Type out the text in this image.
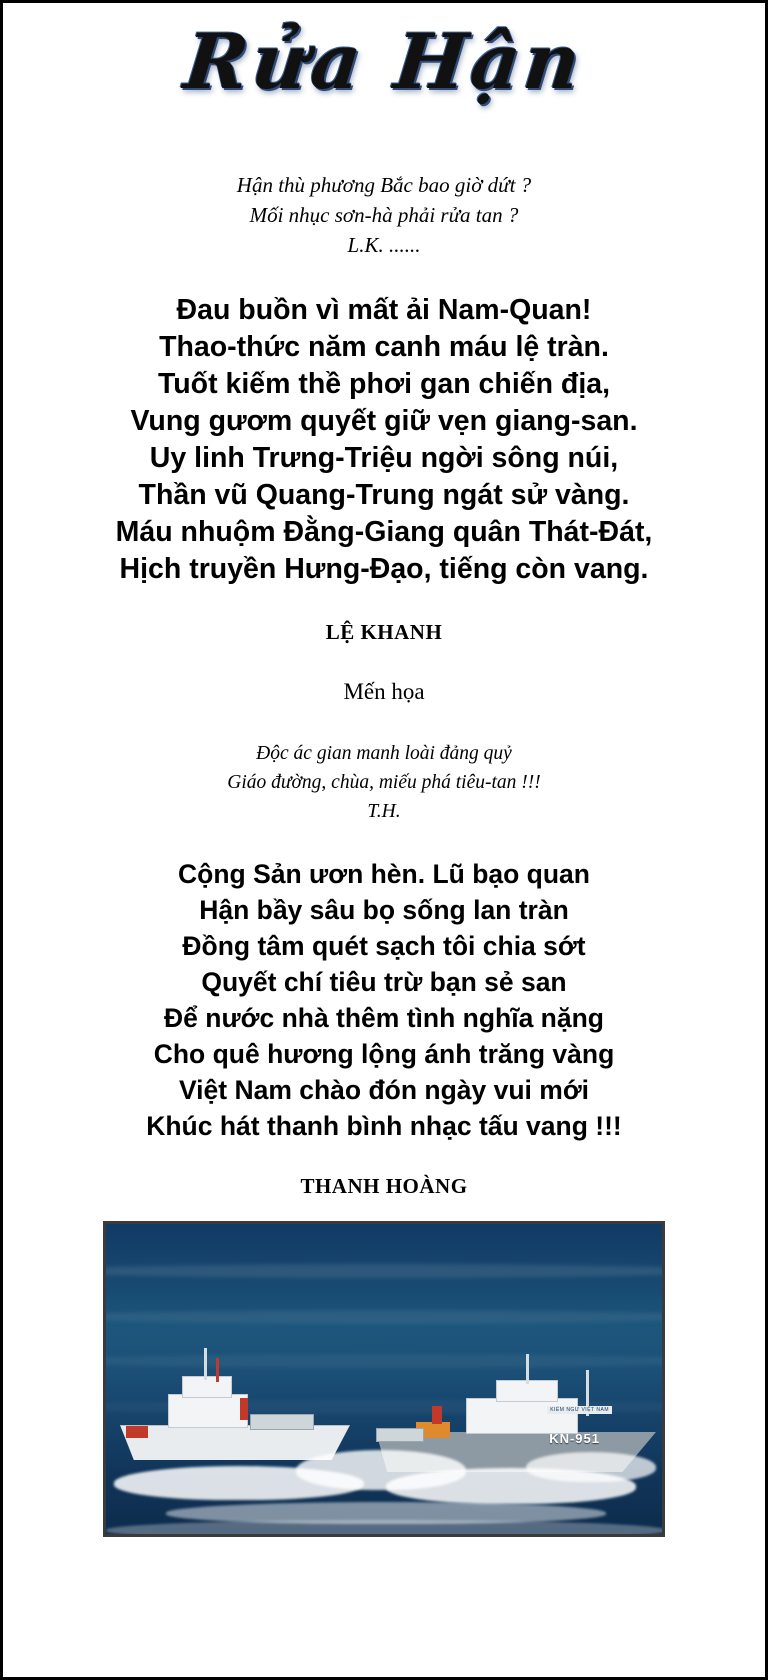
Rửa Hận
Hận thù phương Bắc bao giờ dứt ?
Mối nhục sơn-hà phải rửa tan ?
L.K. ......
Đau buồn vì mất ải Nam-Quan!
Thao-thức năm canh máu lệ tràn.
Tuốt kiếm thề phơi gan chiến địa,
Vung gươm quyết giữ vẹn giang-san.
Uy linh Trưng-Triệu ngời sông núi,
Thần vũ Quang-Trung ngát sử vàng.
Máu nhuộm Đằng-Giang quân Thát-Đát,
Hịch truyền Hưng-Đạo, tiếng còn vang.
LỆ KHANH
Mến họa
Độc ác gian manh loài đảng quỷ
Giáo đường, chùa, miếu phá tiêu-tan !!!
T.H.
Cộng Sản ươn hèn. Lũ bạo quan
Hận bầy sâu bọ sống lan tràn
Đồng tâm quét sạch tôi chia sớt
Quyết chí tiêu trừ bạn sẻ san
Để nước nhà thêm tình nghĩa nặng
Cho quê hương lộng ánh trăng vàng
Việt Nam chào đón ngày vui mới
Khúc hát thanh bình nhạc tấu vang !!!
THANH HOÀNG
KIỂM NGƯ VIỆT NAM
KN-951
